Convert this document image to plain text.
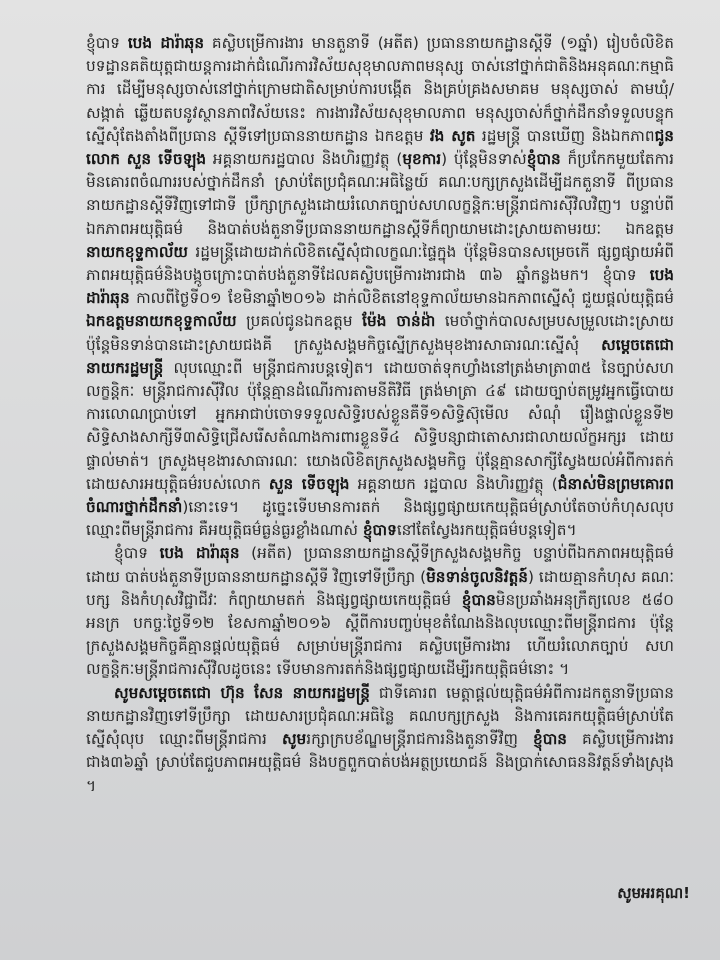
ខ្ញុំបាទ បេង ដារ៉ាឆុន គស្លិបម្រើការងារ មានតួនាទី (អតីត) ប្រធាននាយកដ្ឋានស្តីទី (១ឆ្នាំ) រៀបចំលិខិតបទដ្ឋានគតិយុត្តជាយន្តការដាក់ជំណើរការវិស័យសុខុមាលភាពមនុស្ស ចាស់នៅថ្នាក់ជាតិនិងអនុគណៈកម្មាធិការ ដើម្បីមនុស្សចាស់នៅថ្នាក់ក្រោមជាតិសម្រាប់ការបង្កើត និងគ្រប់គ្រងសមាគម មនុស្សចាស់ តាមឃុំ/សង្កាត់ ឆ្លើយតបនូវស្ថានភាពវិស័យនេះ ការងារវិស័យសុខុមាលភាព មនុស្សចាស់ក៏ថ្នាក់ដឹកនាំទទួលបន្ទុកស្នើសុំតែងតាំងពីប្រធាន ស្តីទីទៅប្រធាននាយកដ្ឋាន ឯកឧត្តម វង សូត រដ្ឋមន្ត្រី បានឃើញ និងឯកភាពជូនលោក សួន ទើចឡុង អគ្គនាយករដ្ឋបាល និងហិរញ្ញវត្ថុ (មុខការ) ប៉ុន្តែមិនទាស់ខ្ញុំបាន ក៏ប្រកែកមួយតែការមិនគោរពចំណាររបស់ថ្នាក់ដឹកនាំ ស្រាប់តែប្រជុំគណៈអធិន្លៃយ៍ គណៈបក្សក្រសួងដើម្បីដកតួនាទី ពីប្រធាននាយកដ្ឋានស្តីទីវិញទៅជាទី ប្រឹក្សាក្រសួងដោយរំលោភច្បាប់សហលក្ខន្តិកៈមន្ត្រីរាជការស៊ីវិលវិញ។ បន្ទាប់ពីឯកភាពអយុត្តិធម៌ និងបាត់បង់តួនាទីប្រធាននាយកដ្ឋានស្តីទីក៏ព្យាយាមដោះស្រាយតាមរយៈ ឯកឧត្តម នាយកខុទ្ទកាល័យ រដ្ឋមន្ត្រីដោយដាក់លិខិតស្នើសុំជាលក្ខណៈផ្ទៃក្នុង ប៉ុន្តែមិនបានសម្រេចកើ ផ្សព្វផ្សាយអំពីភាពអយុត្តិធម៌និងបង្កូចក្រោះបាត់បង់តួនាទីដែលគស្លិបម្រើការងារជាង ៣៦ ឆ្នាំកន្លងមក។ ខ្ញុំបាទ បេង ដារ៉ាឆុន កាលពីថ្ងៃទី០១ ខែមិនាឆ្នាំ២០១៦ ដាក់លិខិតនៅខុទ្ទកាល័យមានឯកភាពស្នើសុំ ជួយផ្តល់យុត្តិធម៌ ឯកឧត្តមនាយកខុទ្ទកាល័យ ប្រគល់ជូនឯកឧត្តម ម៉ែង ចាន់ដ៉ា មេចាំថ្នាក់បាលសម្របសម្រួលដោះស្រាយ ប៉ុន្តែមិនទាន់បានដោះស្រាយជងគី ក្រសួងសង្គមកិច្ចស្នើក្រសួងមុខងារសាធារណៈស្នើសុំ សម្តេចតេជោនាយករដ្ឋមន្ត្រី លុបឈ្មោះពី មន្ត្រីរាជការបន្តទៀត។ ដោយចាត់ទុកហ្វាំងនៅត្រង់មាត្រា៣៥ នៃច្បាប់សហលក្ខន្តិកៈ មន្ត្រីរាជការស៊ីវិល ប៉ុន្តែគ្មានដំណើរការតាមនីតិវិធី ត្រង់មាត្រា ៤៩ ដោយច្បាប់តម្រូវអ្នកធ្វើបោយការលោណប្រាប់ទៅ អ្នកអាជាប់ចោទទទួលសិទ្ធិរបស់ខ្លួនគឺទី១សិទ្ធិស៊ុមើល សំណុំ រឿងផ្ទាល់ខ្លួនទី២ សិទ្ធិសាងសាក្សីទី៣សិទ្ធិជ្រើសរើសតំណាងការពារខ្លួនទី៤ សិទ្ធិបន្សាជាតោសារជាលាយល័ក្ខអក្សរ ដោយផ្ទាល់មាត់។ ក្រសួងមុខងារសាធារណៈ យោងលិខិតក្រសួងសង្គមកិច្ច ប៉ុន្តែគ្មានសាក្សីស្វែងយល់អំពីការតក់ ដោយសារអយុត្តិធម៌របស់លោក សួន ទើចឡុង អគ្គនាយក រដ្ឋបាល និងហិរញ្ញវត្ថុ (ជំនាស់មិនព្រមគោរពចំណារថ្នាក់ដឹកនាំ)នោះទេ។ ដូច្នេះទើបមានការតក់ និងផ្សព្វផ្សាយកេយុត្តិធម៌ស្រាប់តែចាប់កំហុសលុបឈ្មោះពីមន្ត្រីរាជការ គឺអយុត្តិធម៌ធ្ងន់ធ្ងរខ្លាំងណាស់ ខ្ញុំបាទនៅតែស្វែងរកយុត្តិធម៌បន្តទៀត។

ខ្ញុំបាទ បេង ដារ៉ាឆុន (អតីត) ប្រធាននាយកដ្ឋានស្តីទីក្រសួងសង្គមកិច្ច បន្ទាប់ពីឯកភាពអយុត្តិធម៌ដោយ បាត់បង់តួនាទីប្រធាននាយកដ្ឋានស្តីទី វិញទៅទីប្រឹក្សា (មិនទាន់ចូលនិវត្តន៍) ដោយគ្មានកំហុស គណៈបក្ស និងកំហុសវិជ្ជាជីវៈ កំព្យាយាមតក់ និងផ្សព្វផ្សាយកេយុត្តិធម៌ ខ្ញុំបានមិនប្រឆាំងអនុក្រឹត្យលេខ ៥៨០ អនក្រ បកច្ចៈថ្ងៃទី១២ ខែសកាឆ្នាំ២០១៦ ស្តីពីការបញ្ចប់មុខតំណែងនិងលុបឈ្មោះពីមន្ត្រីរាជការ ប៉ុន្តែក្រសួងសង្គមកិច្ចគឺគ្មានផ្តល់យុត្តិធម៌ សម្រាប់មន្ត្រីរាជការ គស្លិបម្រើការងារ ហើយរំលោភច្បាប់ សហលក្ខន្តិកៈមន្ត្រីរាជការស៊ីវិលដូចនេះ ទើបមានការតក់និងផ្សព្វផ្សាយដើម្បីរកយុត្តិធម៌នោះ ។

សូមសម្តេចតេជោ ហ៊ុន សែន នាយករដ្ឋមន្ត្រី ជាទីគោរព មេត្តាផ្តល់យុត្តិធម៌អំពីការដកតួនាទីប្រធាននាយកដ្ឋានវិញទៅទីប្រឹក្សា ដោយសារប្រជុំគណៈអធិន្លៃ គណបក្សក្រសួង និងការគេរកយុត្តិធម៌ស្រាប់តែស្នើសុំលុប ឈ្មោះពីមន្ត្រីរាជការ សូមរក្សាក្របខ័ណ្ឌមន្ត្រីរាជការនិងតួនាទីវិញ ខ្ញុំបាន គស្លិបម្រើការងារជាង៣៦ឆ្នាំ ស្រាប់តែជួបភាពអយុត្តិធម៌ និងបក្ខពួកបាត់បង់អត្ថប្រយោជន៍ និងប្រាក់សោធននិវត្តន៍ទាំងស្រុង ។

សូមអរគុណ!
